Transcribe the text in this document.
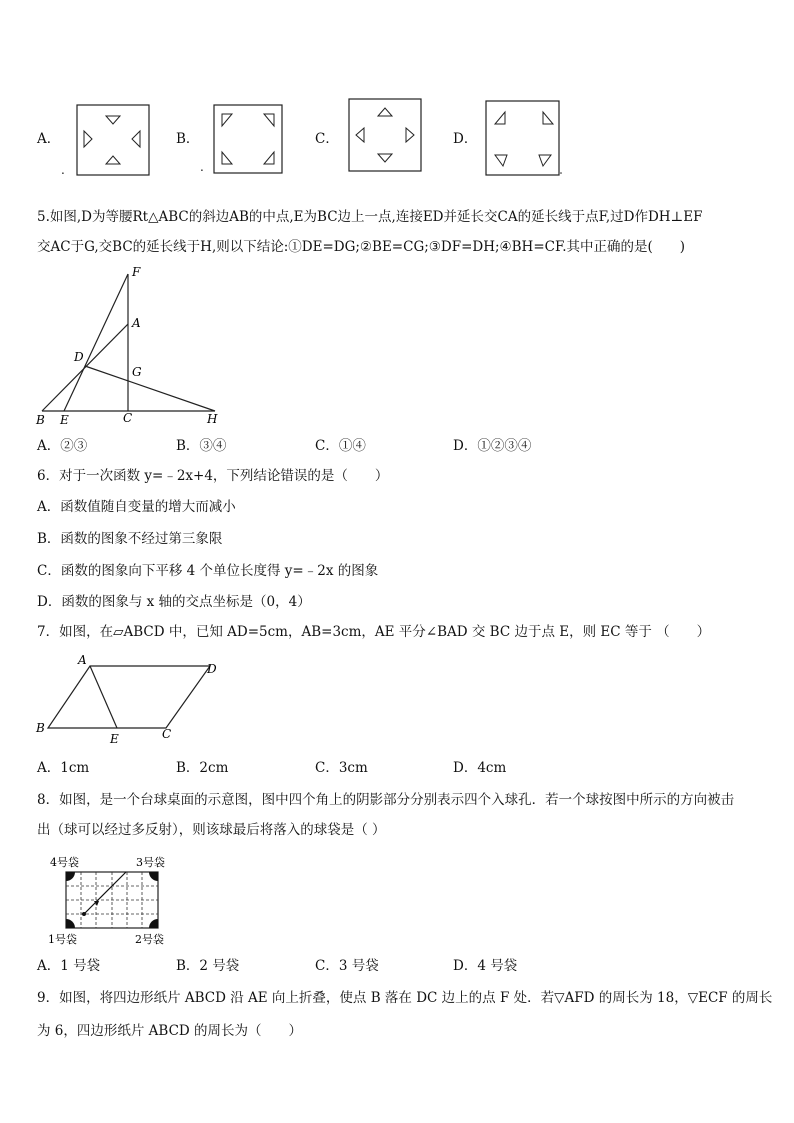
A．
.
B．
.
C．	D．
5.如图,D为等腰Rt△ABC的斜边AB的中点,E为BC边上一点,连接ED并延长交CA的延长线于点F,过D作DH⊥EF
交AC于G,交BC的延长线于H,则以下结论:①DE=DG;②BE=CG;③DF=DH;④BH=CF.其中正确的是(　　)
F
A
D
G
B E	C	H
A．②③	B．③④	C．①④	D．①②③④
6．对于一次函数 y=﹣2x+4，下列结论错误的是（　　）
A．函数值随自变量的增大而减小
B．函数的图象不经过第三象限
C．函数的图象向下平移 4 个单位长度得 y=﹣2x 的图象
D．函数的图象与 x 轴的交点坐标是（0，4）
7．如图，在▱ABCD 中，已知 AD=5cm，AB=3cm，AE 平分∠BAD 交 BC 边于点 E，则 EC 等于 （　　）
A
D
B
E	C
A．1cm	B．2cm	C．3cm	D．4cm
8．如图，是一个台球桌面的示意图，图中四个角上的阴影部分分别表示四个入球孔．若一个球按图中所示的方向被击
出（球可以经过多反射），则该球最后将落入的球袋是（ ）
4号袋	3号袋
1号袋	2号袋
A．1 号袋	B．2 号袋	C．3 号袋	D．4 号袋
9．如图，将四边形纸片 ABCD 沿 AE 向上折叠，使点 B 落在 DC 边上的点 F 处．若▽AFD 的周长为 18，▽ECF 的周长
为 6，四边形纸片 ABCD 的周长为（　　）
